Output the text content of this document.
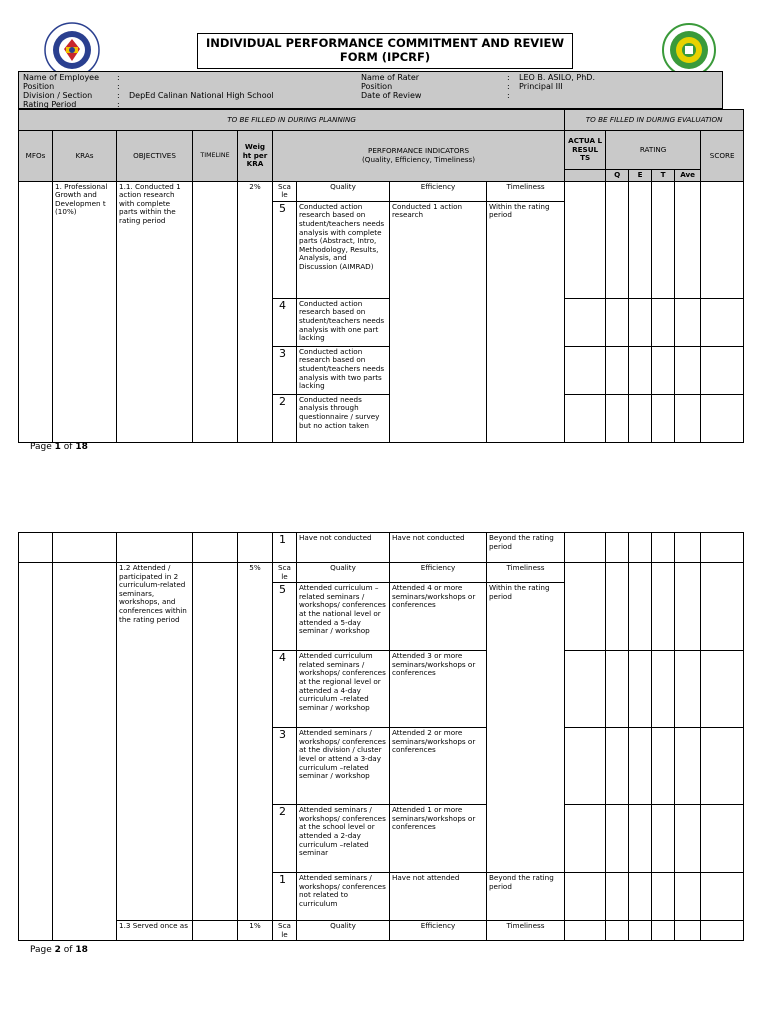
INDIVIDUAL PERFORMANCE COMMITMENT AND REVIEW
FORM (IPCRF)
Name of Employee	:	
Position	:	
Division / Section	:	DepEd Calinan National High School
Rating Period	:	
Name of Rater	:	LEO B. ASILO, PhD.
Position	:	Principal III
Date of Review	:	
TO BE FILLED IN DURING PLANNING									TO BE FILLED IN DURING EVALUATION					
MFOs	KRAs	OBJECTIVES	TIMELINE	Weig ht per KRA	PERFORMANCE INDICATORS
(Quality, Efficiency, Timeliness)				ACTUA L RESUL TS	RATING				SCORE
										Q	E	T	Ave	
	1. Professional Growth and Developmen t (10%)	1.1. Conducted 1 action research with complete parts within the rating period		2%	Sca le	Quality	Efficiency	Timeliness						
					5	Conducted action research based on student/teachers needs analysis with complete parts (Abstract, Intro, Methodology, Results, Analysis, and Discussion (AIMRAD)	Conducted 1 action research	Within the rating period						
					4	Conducted action research based on student/teachers needs analysis with one part lacking								
					3	Conducted action research based on student/teachers needs analysis with two parts lacking								
					2	Conducted needs analysis through questionnaire / survey but no action taken								
Page 1 of 18
					1	Have not conducted	Have not conducted	Beyond the rating period						
		1.2 Attended / participated in 2 curriculum-related seminars, workshops, and conferences within the rating period		5%	Sca le	Quality	Efficiency	Timeliness						
					5	Attended curriculum –related seminars / workshops/ conferences at the national level or attended a 5-day seminar / workshop	Attended 4 or more seminars/workshops or conferences	Within the rating period						
					4	Attended curriculum related seminars / workshops/ conferences at the regional level or attended a 4-day curriculum –related seminar / workshop	Attended 3 or more seminars/workshops or conferences							
					3	Attended seminars / workshops/ conferences at the division / cluster level or attend a 3-day curriculum –related seminar / workshop	Attended 2 or more seminars/workshops or conferences							
					2	Attended seminars / workshops/ conferences at the school level or attended a 2-day curriculum –related seminar	Attended 1 or more seminars/workshops or conferences							
					1	Attended seminars / workshops/ conferences not related to curriculum	Have not attended	Beyond the rating period						
		1.3 Served once as		1%	Sca le	Quality	Efficiency	Timeliness						
Page 2 of 18
